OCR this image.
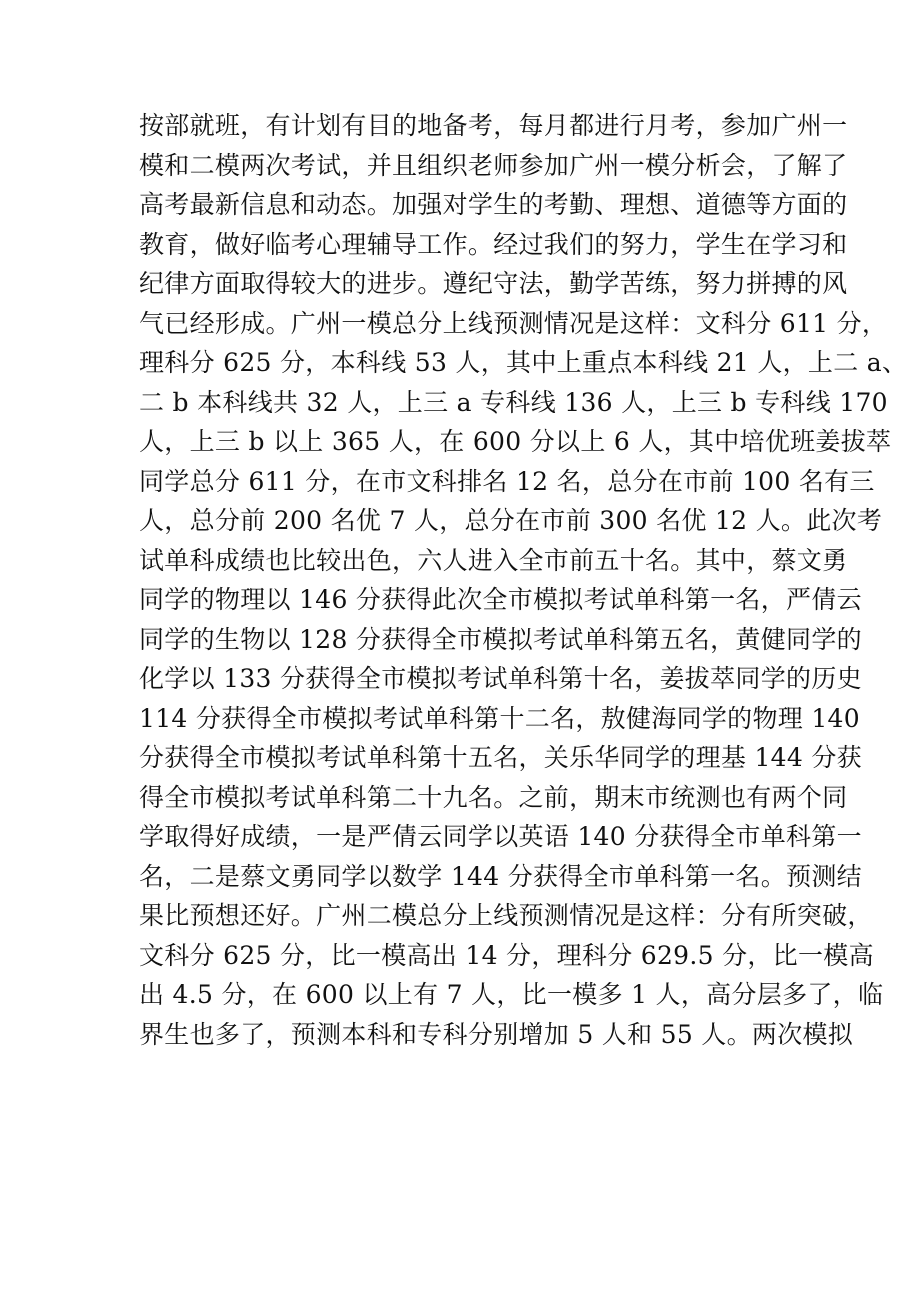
按部就班，有计划有目的地备考，每月都进行月考，参加广州一
模和二模两次考试，并且组织老师参加广州一模分析会，了解了
高考最新信息和动态。加强对学生的考勤、理想、道德等方面的
教育，做好临考心理辅导工作。经过我们的努力，学生在学习和
纪律方面取得较大的进步。遵纪守法，勤学苦练，努力拼搏的风
气已经形成。广州一模总分上线预测情况是这样：文科分 611 分，
理科分 625 分，本科线 53 人，其中上重点本科线 21 人，上二 a、
二 b 本科线共 32 人，上三 a 专科线 136 人，上三 b 专科线 170
人，上三 b 以上 365 人，在 600 分以上 6 人，其中培优班姜拔萃
同学总分 611 分，在市文科排名 12 名，总分在市前 100 名有三
人，总分前 200 名优 7 人，总分在市前 300 名优 12 人。此次考
试单科成绩也比较出色，六人进入全市前五十名。其中，蔡文勇
同学的物理以 146 分获得此次全市模拟考试单科第一名，严倩云
同学的生物以 128 分获得全市模拟考试单科第五名，黄健同学的
化学以 133 分获得全市模拟考试单科第十名，姜拔萃同学的历史
114 分获得全市模拟考试单科第十二名，敖健海同学的物理 140
分获得全市模拟考试单科第十五名，关乐华同学的理基 144 分获
得全市模拟考试单科第二十九名。之前，期末市统测也有两个同
学取得好成绩，一是严倩云同学以英语 140 分获得全市单科第一
名，二是蔡文勇同学以数学 144 分获得全市单科第一名。预测结
果比预想还好。广州二模总分上线预测情况是这样：分有所突破，
文科分 625 分，比一模高出 14 分，理科分 629.5 分，比一模高
出 4.5 分，在 600 以上有 7 人，比一模多 1 人，高分层多了，临
界生也多了，预测本科和专科分别增加 5 人和 55 人。两次模拟
